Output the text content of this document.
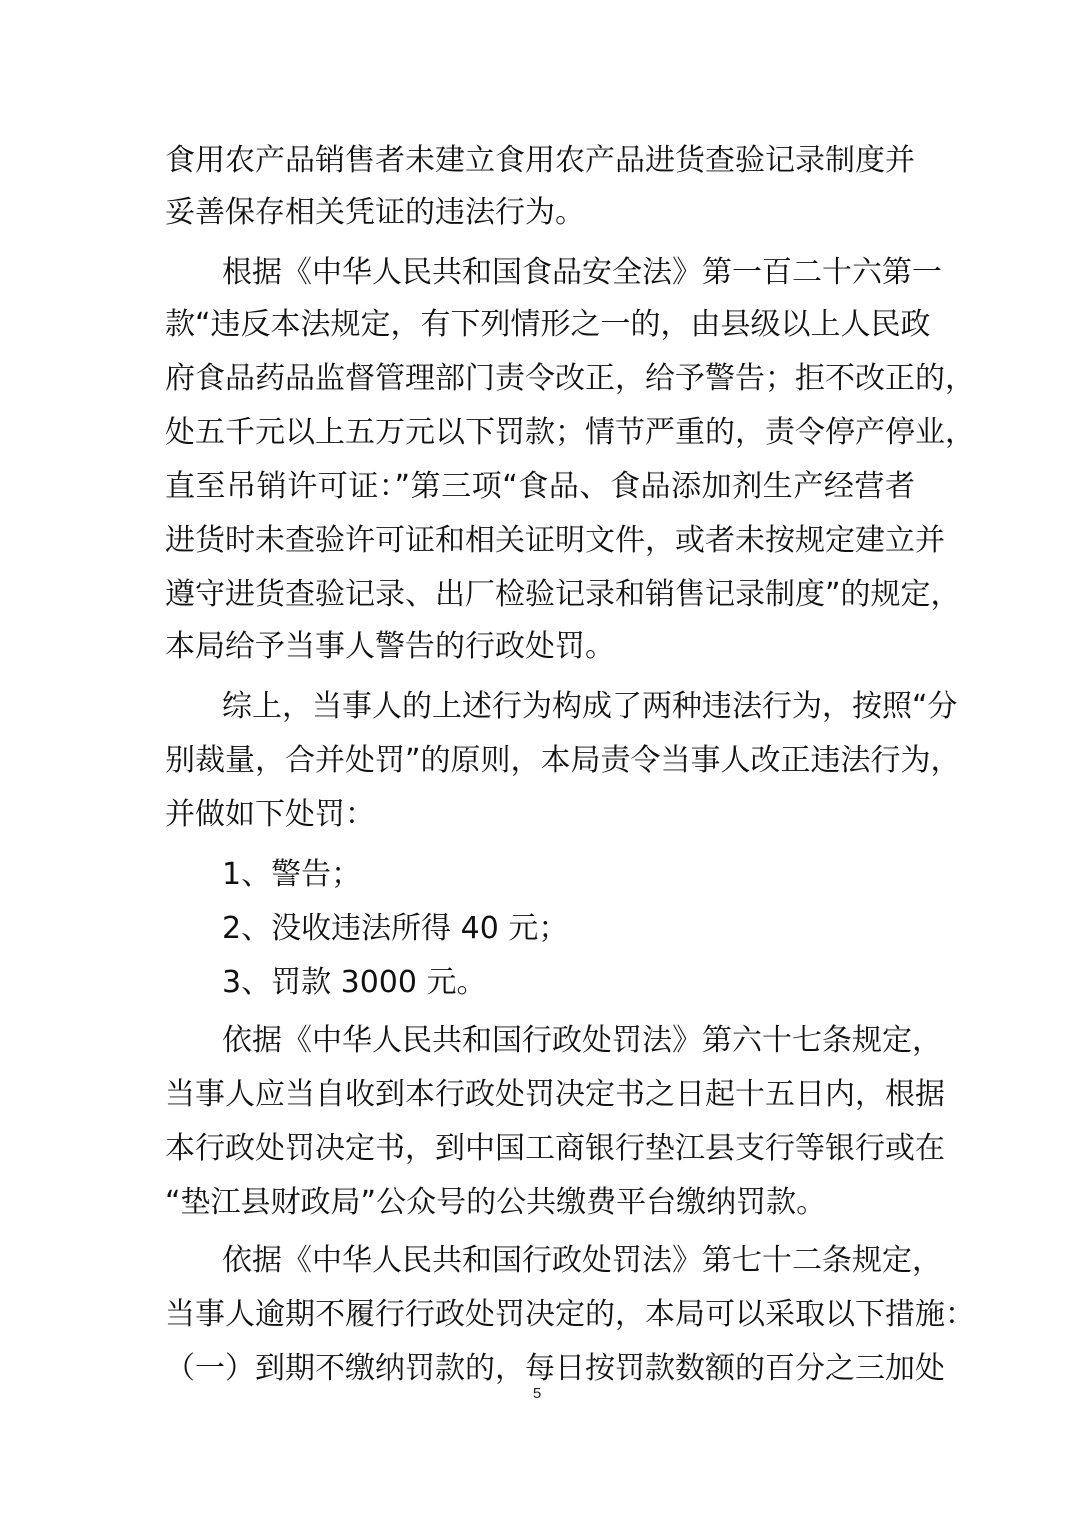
食用农产品销售者未建立食用农产品进货查验记录制度并

妥善保存相关凭证的违法行为。

根据《中华人民共和国食品安全法》第一百二十六第一

款“违反本法规定，有下列情形之一的，由县级以上人民政

府食品药品监督管理部门责令改正，给予警告；拒不改正的，

处五千元以上五万元以下罚款；情节严重的，责令停产停业，

直至吊销许可证：”第三项“食品、食品添加剂生产经营者

进货时未查验许可证和相关证明文件，或者未按规定建立并

遵守进货查验记录、出厂检验记录和销售记录制度”的规定，

本局给予当事人警告的行政处罚。

综上，当事人的上述行为构成了两种违法行为，按照“分

别裁量，合并处罚”的原则，本局责令当事人改正违法行为，

并做如下处罚：

1、警告；

2、没收违法所得 40 元；

3、罚款 3000 元。

依据《中华人民共和国行政处罚法》第六十七条规定，

当事人应当自收到本行政处罚决定书之日起十五日内，根据

本行政处罚决定书，到中国工商银行垫江县支行等银行或在

“垫江县财政局”公众号的公共缴费平台缴纳罚款。

依据《中华人民共和国行政处罚法》第七十二条规定，

当事人逾期不履行行政处罚决定的，本局可以采取以下措施：

（一）到期不缴纳罚款的，每日按罚款数额的百分之三加处

5
